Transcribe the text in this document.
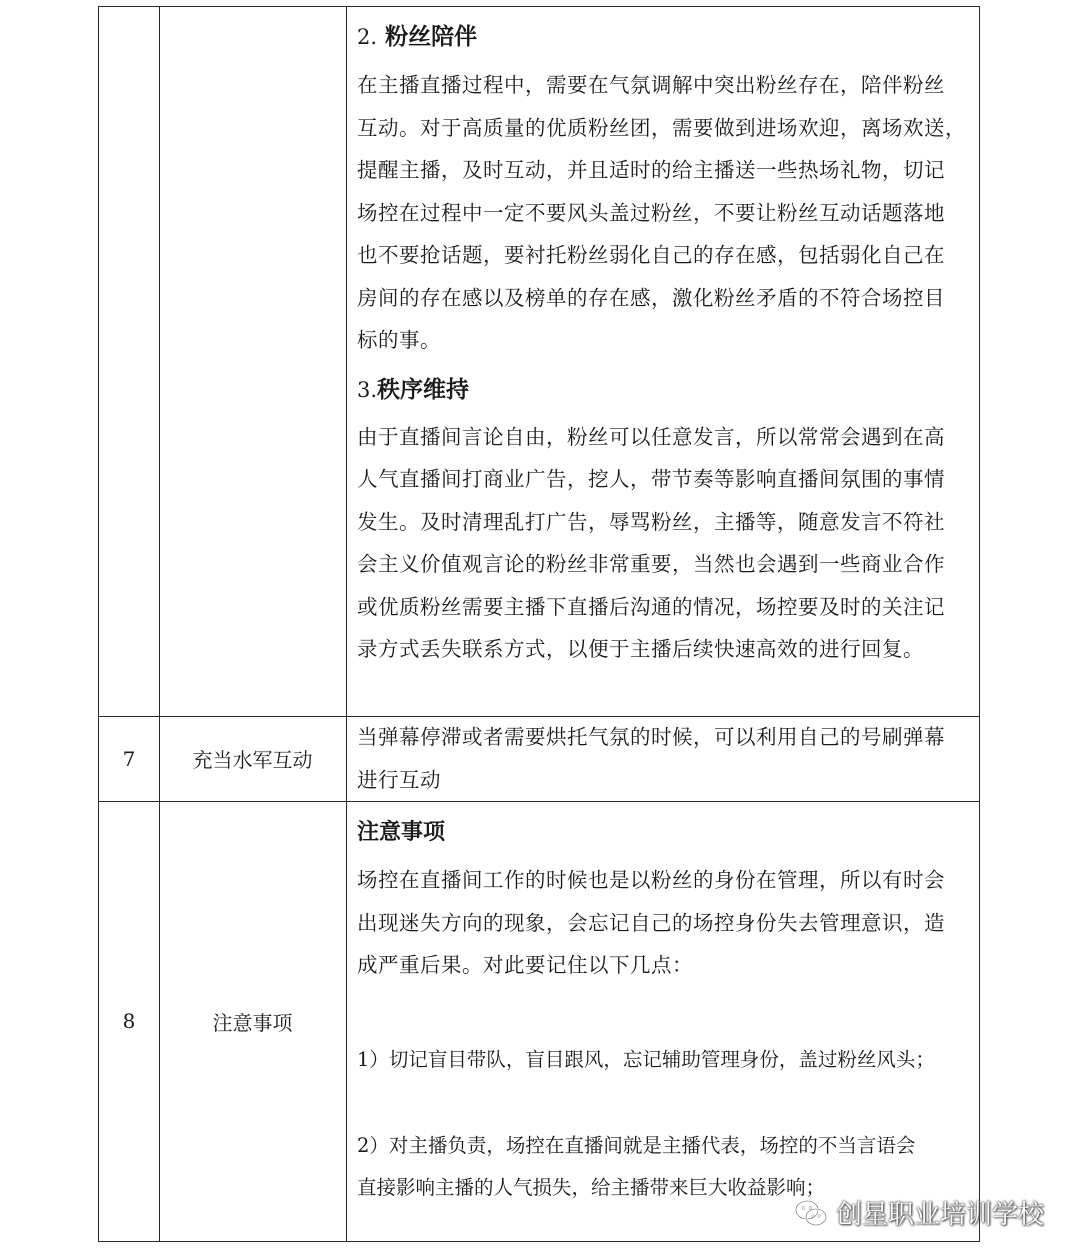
2. 粉丝陪伴

在主播直播过程中，需要在气氛调解中突出粉丝存在，陪伴粉丝

互动。对于高质量的优质粉丝团，需要做到进场欢迎，离场欢送，

提醒主播，及时互动，并且适时的给主播送一些热场礼物，切记

场控在过程中一定不要风头盖过粉丝，不要让粉丝互动话题落地

也不要抢话题，要衬托粉丝弱化自己的存在感，包括弱化自己在

房间的存在感以及榜单的存在感，激化粉丝矛盾的不符合场控目

标的事。

3.秩序维持

由于直播间言论自由，粉丝可以任意发言，所以常常会遇到在高

人气直播间打商业广告，挖人，带节奏等影响直播间氛围的事情

发生。及时清理乱打广告，辱骂粉丝，主播等，随意发言不符社

会主义价值观言论的粉丝非常重要，当然也会遇到一些商业合作

或优质粉丝需要主播下直播后沟通的情况，场控要及时的关注记

录方式丢失联系方式，以便于主播后续快速高效的进行回复。

7	充当水军互动

当弹幕停滞或者需要烘托气氛的时候，可以利用自己的号刷弹幕

进行互动

8	注意事项

注意事项

场控在直播间工作的时候也是以粉丝的身份在管理，所以有时会

出现迷失方向的现象，会忘记自己的场控身份失去管理意识，造

成严重后果。对此要记住以下几点：

1）切记盲目带队，盲目跟风，忘记辅助管理身份，盖过粉丝风头；

2）对主播负责，场控在直播间就是主播代表，场控的不当言语会

直接影响主播的人气损失，给主播带来巨大收益影响；

创星职业培训学校
